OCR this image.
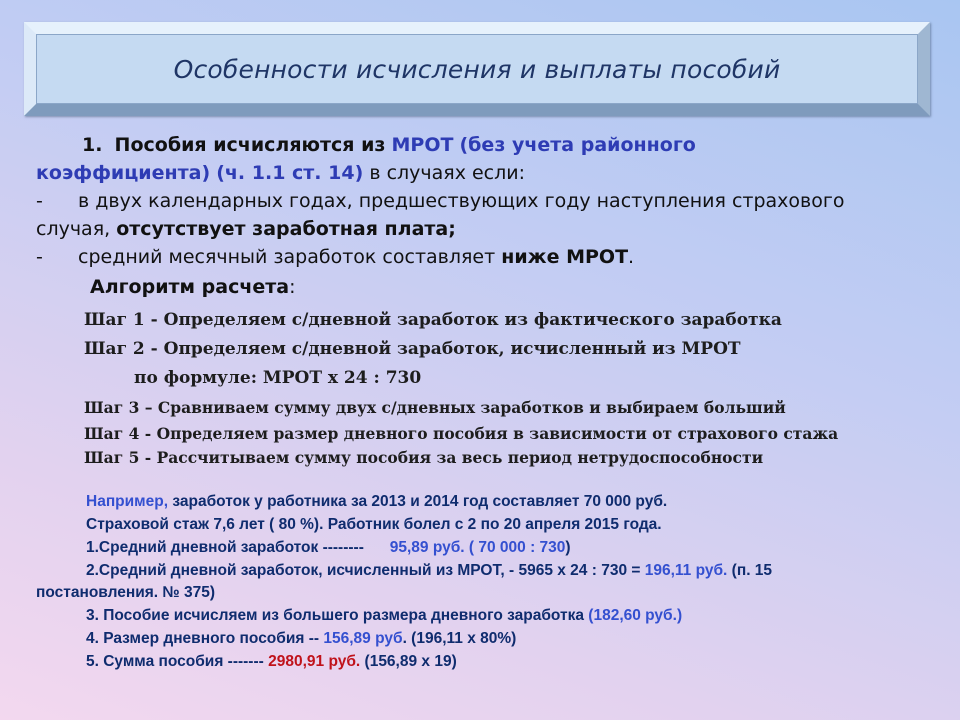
Особенности исчисления и выплаты пособий
1. Пособия исчисляются из МРОТ (без учета районного
коэффициента) (ч. 1.1 ст. 14) в случаях если:
- в двух календарных годах, предшествующих году наступления страхового
случая, отсутствует заработная плата;
- средний месячный заработок составляет ниже МРОТ.
Алгоритм расчета:
Шаг 1 - Определяем с/дневной заработок из фактического заработка
Шаг 2 - Определяем с/дневной заработок, исчисленный из МРОТ
по формуле: МРОТ х 24 : 730
Шаг 3 – Сравниваем сумму двух с/дневных заработков и выбираем больший
Шаг 4 - Определяем размер дневного пособия в зависимости от страхового стажа
Шаг 5 - Рассчитываем сумму пособия за весь период нетрудоспособности
Например, заработок у работника за 2013 и 2014 год составляет 70 000 руб.
Страховой стаж 7,6 лет ( 80 %). Работник болел с 2 по 20 апреля 2015 года.
1.Средний дневной заработок -------- 95,89 руб. ( 70 000 : 730)
2.Средний дневной заработок, исчисленный из МРОТ, - 5965 х 24 : 730 = 196,11 руб. (п. 15
постановления. № 375)
3. Пособие исчисляем из большего размера дневного заработка (182,60 руб.)
4. Размер дневного пособия -- 156,89 руб. (196,11 х 80%)
5. Сумма пособия ------- 2980,91 руб. (156,89 х 19)
